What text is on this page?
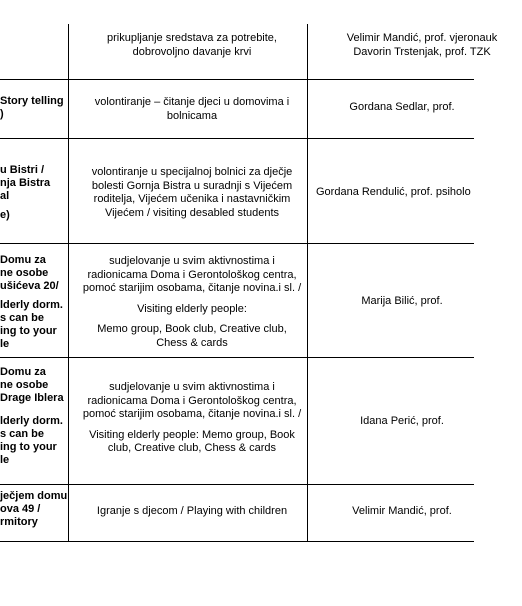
prikupljanje sredstava za potrebite,
dobrovoljno davanje krvi
Velimir Mandić, prof. vjeronauk
Davorin Trstenjak, prof. TZK
Story telling
)
volontiranje – čitanje djeci u domovima i
bolnicama
Gordana Sedlar, prof.
u Bistri /
nja Bistra
al
e)
volontiranje u specijalnoj bolnici za dječje
bolesti Gornja Bistra u suradnji s Vijećem
roditelja, Vijećem učenika i nastavničkim
Vijećem / visiting desabled students
Gordana Rendulić, prof. psiholo
Domu za
ne osobe
ušićeva 20/
lderly dorm.
s can be
ing to your
le
sudjelovanje u svim aktivnostima i
radionicama Doma i Gerontološkog centra,
pomoć starijim osobama, čitanje novina.i sl. /
Visiting elderly people:
Memo group, Book club, Creative club,
Chess & cards
Marija Bilić, prof.
Domu za
ne osobe
Drage Iblera
lderly dorm.
s can be
ing to your
le
sudjelovanje u svim aktivnostima i
radionicama Doma i Gerontološkog centra,
pomoć starijim osobama, čitanje novina.i sl. /
Visiting elderly people: Memo group, Book
club, Creative club, Chess & cards
Idana Perić, prof.
ječjem domu
ova 49 /
rmitory
Igranje s djecom / Playing with children	Velimir Mandić, prof.
